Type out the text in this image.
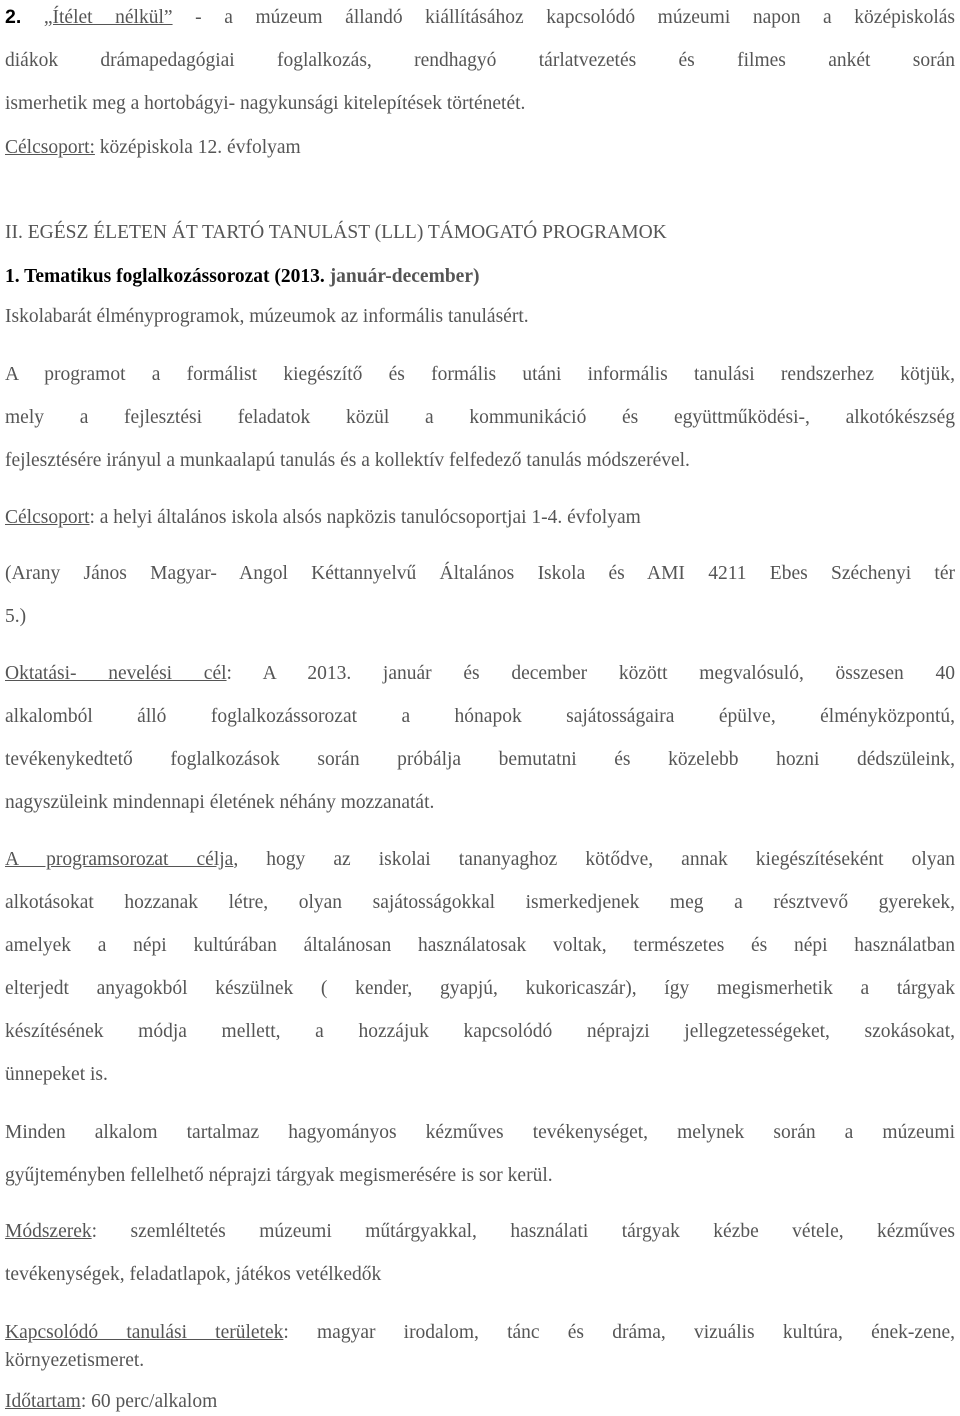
2. „Ítélet nélkül” - a múzeum állandó kiállításához kapcsolódó múzeumi napon a középiskolás
diákok drámapedagógiai foglalkozás, rendhagyó tárlatvezetés és filmes ankét során
ismerhetik meg a hortobágyi- nagykunsági kitelepítések történetét.
Célcsoport: középiskola 12. évfolyam
II. EGÉSZ ÉLETEN ÁT TARTÓ TANULÁST (LLL) TÁMOGATÓ PROGRAMOK
1. Tematikus foglalkozássorozat (2013. január-december)
Iskolabarát élményprogramok, múzeumok az informális tanulásért.
A programot a formálist kiegészítő és formális utáni informális tanulási rendszerhez kötjük,
mely a fejlesztési feladatok közül a kommunikáció és együttműködési-, alkotókészség
fejlesztésére irányul a munkaalapú tanulás és a kollektív felfedező tanulás módszerével.
Célcsoport: a helyi általános iskola alsós napközis tanulócsoportjai 1-4. évfolyam
(Arany János Magyar- Angol Kéttannyelvű Általános Iskola és AMI 4211 Ebes Széchenyi tér
5.)
Oktatási- nevelési cél: A 2013. január és december között megvalósuló, összesen 40
alkalomból álló foglalkozássorozat a hónapok sajátosságaira épülve, élményközpontú,
tevékenykedtető foglalkozások során próbálja bemutatni és közelebb hozni dédszüleink,
nagyszüleink mindennapi életének néhány mozzanatát.
A programsorozat célja, hogy az iskolai tananyaghoz kötődve, annak kiegészítéseként olyan
alkotásokat hozzanak létre, olyan sajátosságokkal ismerkedjenek meg a résztvevő gyerekek,
amelyek a népi kultúrában általánosan használatosak voltak, természetes és népi használatban
elterjedt anyagokból készülnek ( kender, gyapjú, kukoricaszár), így megismerhetik a tárgyak
készítésének módja mellett, a hozzájuk kapcsolódó néprajzi jellegzetességeket, szokásokat,
ünnepeket is.
Minden alkalom tartalmaz hagyományos kézműves tevékenységet, melynek során a múzeumi
gyűjteményben fellelhető néprajzi tárgyak megismerésére is sor kerül.
Módszerek: szemléltetés múzeumi műtárgyakkal, használati tárgyak kézbe vétele, kézműves
tevékenységek, feladatlapok, játékos vetélkedők
Kapcsolódó tanulási területek: magyar irodalom, tánc és dráma, vizuális kultúra, ének-zene,
környezetismeret.
Időtartam: 60 perc/alkalom
